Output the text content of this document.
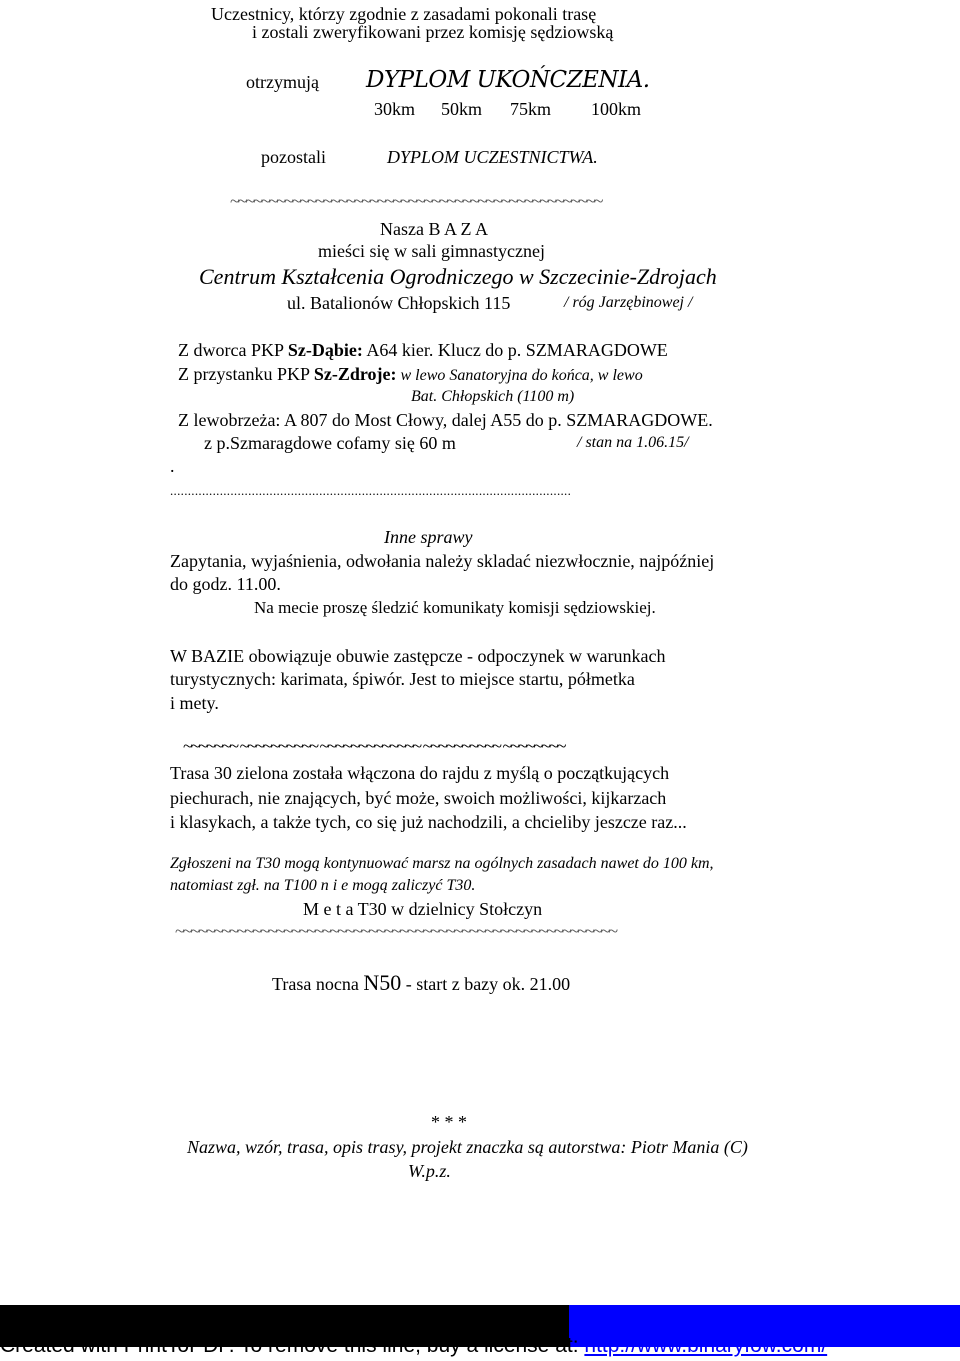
Uczestnicy, którzy zgodnie z zasadami pokonali trasę
i zostali zweryfikowani przez komisję sędziowską
otrzymują DYPLOM UKOŃCZENIA.
30km 50km 75km 100km
pozostali	DYPLOM UCZESTNICTWA.
~~~~~~~~~~~~~~~~~~~~~~~~~~~~~~~~~~~~~~~~~~~~~~~~
Nasza B A Z A
mieści się w sali gimnastycznej
Centrum Kształcenia Ogrodniczego w Szczecinie-Zdrojach
ul. Batalionów Chłopskich 115	/ róg Jarzębinowej /
Z dworca PKP Sz-Dąbie: A64 kier. Klucz do p. SZMARAGDOWE
Z przystanku PKP Sz-Zdroje: w lewo Sanatoryjna do końca, w lewo
Bat. Chłopskich (1100 m)
Z lewobrzeża: A 807 do Most Cłowy, dalej A55 do p. SZMARAGDOWE.
z p.Szmaragdowe cofamy się 60 m	/ stan na 1.06.15/
.
.................................................................................................................
Inne sprawy
Zapytania, wyjaśnienia, odwołania należy skladać niezwłocznie, najpóźniej
do godz. 11.00.
Na mecie proszę śledzić komunikaty komisji sędziowskiej.
W BAZIE obowiązuje obuwie zastępcze - odpoczynek w warunkach
turystycznych: karimata, śpiwór. Jest to miejsce startu, półmetka
i mety.
~~~~~~~ ~~~~~~~~~~ ~~~~~~~~~~~~~ ~~~~~~~~~~ ~~~~~~~~
Trasa 30 zielona została włączona do rajdu z myślą o początkujących
piechurach, nie znających, być może, swoich możliwości, kijkarzach
i klasykach, a także tych, co się już nachodzili, a chcieliby jeszcze raz...
Zgłoszeni na T30 mogą kontynuować marsz na ogólnych zasadach nawet do 100 km,
natomiast zgł. na T100 n i e mogą zaliczyć T30.
M e t a T30 w dzielnicy Stołczyn
~~~~~~~~~~~~~~~~~~~~~~~~~~~~~~~~~~~~~~~~~~~~~~~~~~~~~~~~~
Trasa nocna N50 - start z bazy ok. 21.00
* * *
Nazwa, wzór, trasa, opis trasy, projekt znaczka są autorstwa: Piotr Mania (C)
W.p.z.
Created with PrintToPDF. To remove this line, buy a license at: http://www.binaryfow.com/
